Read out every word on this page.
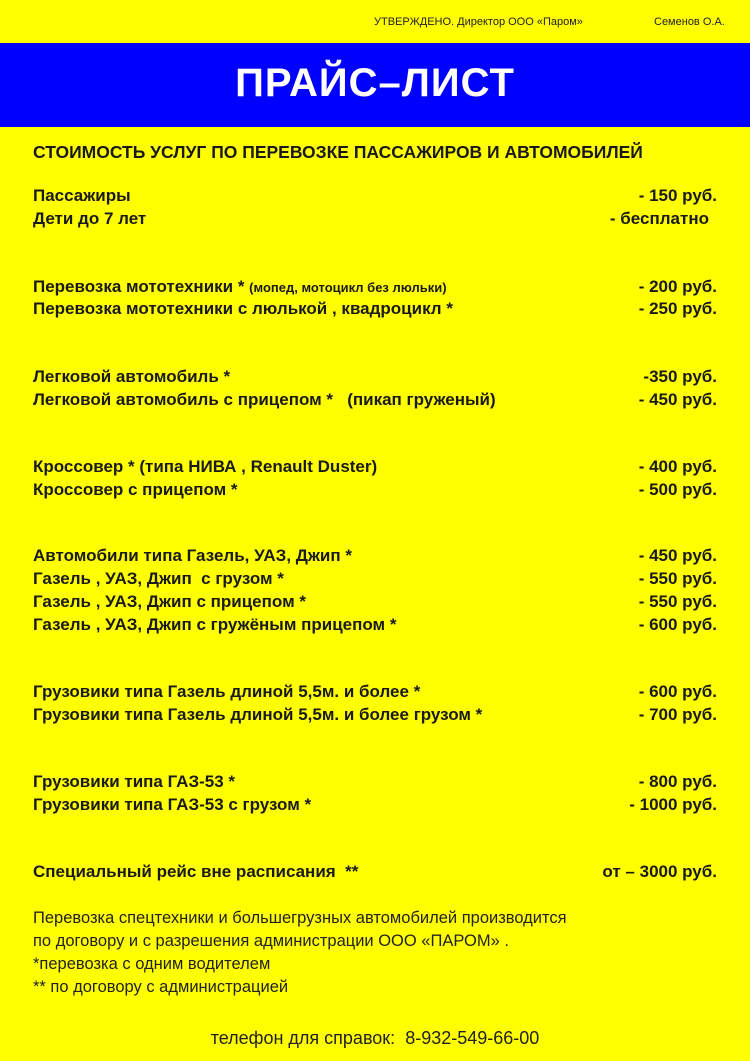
УТВЕРЖДЕНО. Директор ООО «Паром»	Семенов О.А.
ПРАЙС–ЛИСТ
СТОИМОСТЬ УСЛУГ ПО ПЕРЕВОЗКЕ ПАССАЖИРОВ И АВТОМОБИЛЕЙ
Пассажиры	- 150 руб.
Дети до 7 лет	- бесплатно
Перевозка мототехники * (мопед, мотоцикл без люльки)	- 200 руб.
Перевозка мототехники с люлькой , квадроцикл *	- 250 руб.
Легковой автомобиль *	-350 руб.
Легковой автомобиль с прицепом *   (пикап груженый)	- 450 руб.
Кроссовер * (типа НИВА , Renault Duster)	- 400 руб.
Кроссовер с прицепом *	- 500 руб.
Автомобили типа Газель, УАЗ, Джип *	- 450 руб.
Газель , УАЗ, Джип  с грузом *	- 550 руб.
Газель , УАЗ, Джип с прицепом *	- 550 руб.
Газель , УАЗ, Джип с гружёным прицепом *	- 600 руб.
Грузовики типа Газель длиной 5,5м. и более *	- 600 руб.
Грузовики типа Газель длиной 5,5м. и более грузом *	- 700 руб.
Грузовики типа ГАЗ-53 *	- 800 руб.
Грузовики типа ГАЗ-53 с грузом *	- 1000 руб.
Специальный рейс вне расписания  **	от – 3000 руб.
Перевозка спецтехники и большегрузных автомобилей производится
по договору и с разрешения администрации ООО «ПАРОМ» .
*перевозка с одним водителем
** по договору с администрацией
телефон для справок:  8-932-549-66-00
